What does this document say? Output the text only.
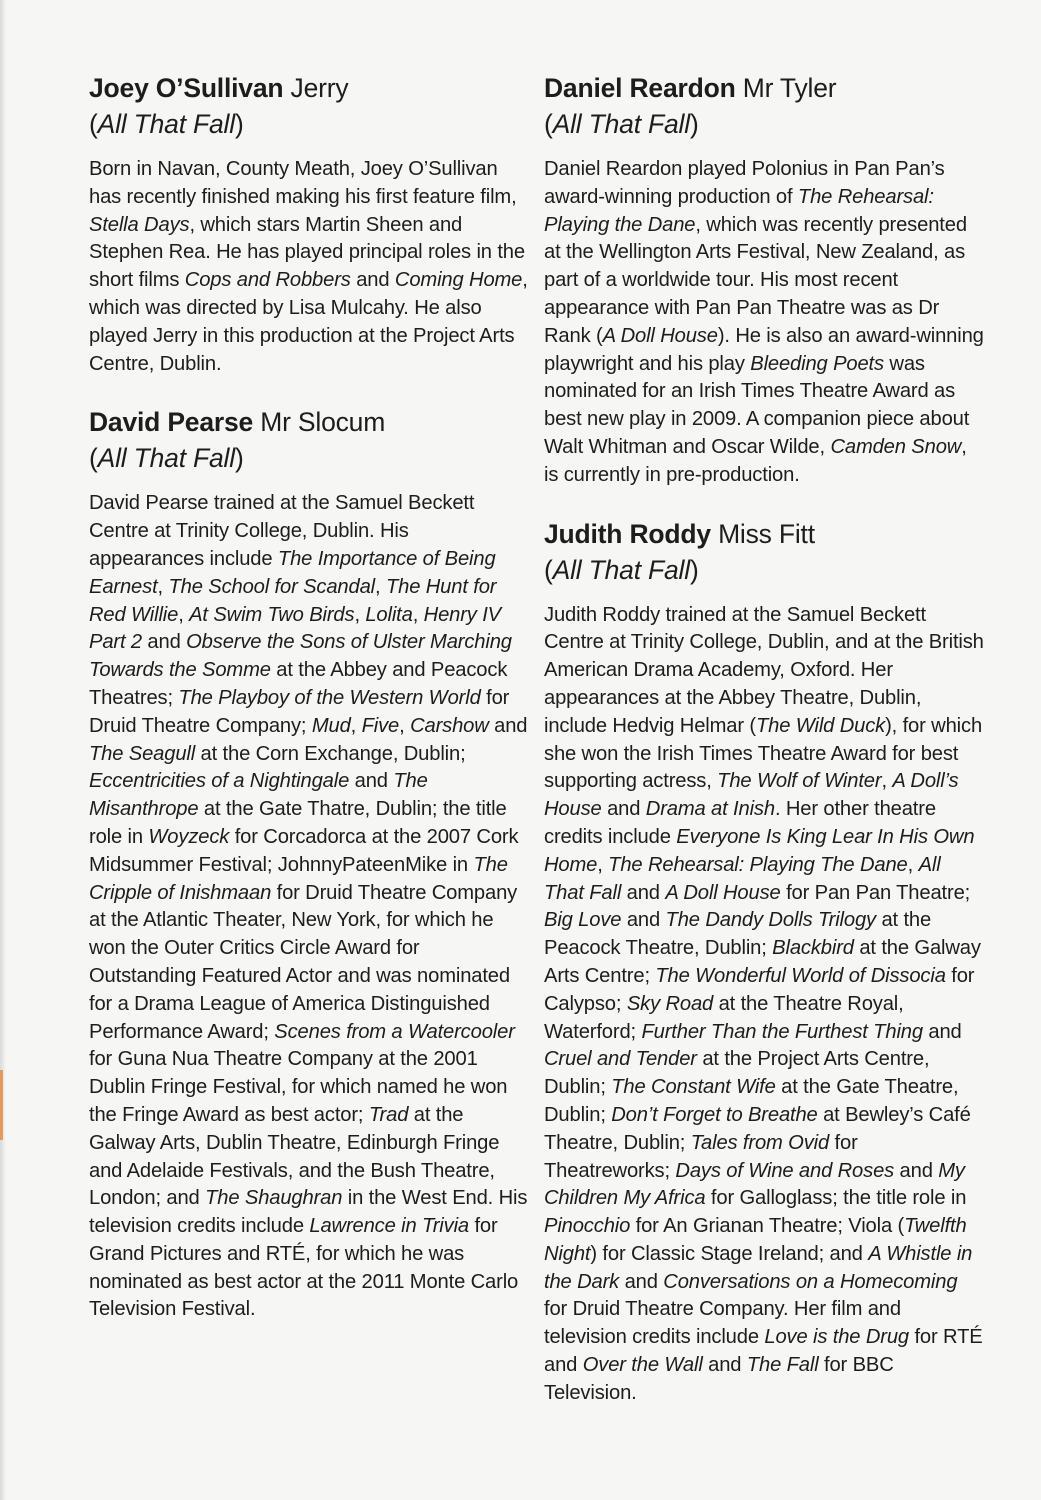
Joey O’Sullivan Jerry

(All That Fall)

Born in Navan, County Meath, Joey O’Sullivan has recently finished making his first feature film, Stella Days, which stars Martin Sheen and Stephen Rea. He has played principal roles in the short films Cops and Robbers and Coming Home, which was directed by Lisa Mulcahy. He also played Jerry in this production at the Project Arts Centre, Dublin.

David Pearse Mr Slocum

(All That Fall)

David Pearse trained at the Samuel Beckett Centre at Trinity College, Dublin. His appearances include The Importance of Being Earnest, The School for Scandal, The Hunt for Red Willie, At Swim Two Birds, Lolita, Henry IV Part 2 and Observe the Sons of Ulster Marching Towards the Somme at the Abbey and Peacock Theatres; The Playboy of the Western World for Druid Theatre Company; Mud, Five, Carshow and The Seagull at the Corn Exchange, Dublin; Eccentricities of a Nightingale and The Misanthrope at the Gate Thatre, Dublin; the title role in Woyzeck for Corcadorca at the 2007 Cork Midsummer Festival; JohnnyPateenMike in The Cripple of Inishmaan for Druid Theatre Company at the Atlantic Theater, New York, for which he won the Outer Critics Circle Award for Outstanding Featured Actor and was nominated for a Drama League of America Distinguished Performance Award; Scenes from a Watercooler for Guna Nua Theatre Company at the 2001 Dublin Fringe Festival, for which named he won the Fringe Award as best actor; Trad at the Galway Arts, Dublin Theatre, Edinburgh Fringe and Adelaide Festivals, and the Bush Theatre, London; and The Shaughran in the West End. His television credits include Lawrence in Trivia for Grand Pictures and RTÉ, for which he was nominated as best actor at the 2011 Monte Carlo Television Festival.

Daniel Reardon Mr Tyler

(All That Fall)

Daniel Reardon played Polonius in Pan Pan’s award-winning production of The Rehearsal: Playing the Dane, which was recently presented at the Wellington Arts Festival, New Zealand, as part of a worldwide tour. His most recent appearance with Pan Pan Theatre was as Dr Rank (A Doll House). He is also an award-winning playwright and his play Bleeding Poets was nominated for an Irish Times Theatre Award as best new play in 2009. A companion piece about Walt Whitman and Oscar Wilde, Camden Snow, is currently in pre-production.

Judith Roddy Miss Fitt

(All That Fall)

Judith Roddy trained at the Samuel Beckett Centre at Trinity College, Dublin, and at the British American Drama Academy, Oxford. Her appearances at the Abbey Theatre, Dublin, include Hedvig Helmar (The Wild Duck), for which she won the Irish Times Theatre Award for best supporting actress, The Wolf of Winter, A Doll’s House and Drama at Inish. Her other theatre credits include Everyone Is King Lear In His Own Home, The Rehearsal: Playing The Dane, All That Fall and A Doll House for Pan Pan Theatre; Big Love and The Dandy Dolls Trilogy at the Peacock Theatre, Dublin; Blackbird at the Galway Arts Centre; The Wonderful World of Dissocia for Calypso; Sky Road at the Theatre Royal, Waterford; Further Than the Furthest Thing and Cruel and Tender at the Project Arts Centre, Dublin; The Constant Wife at the Gate Theatre, Dublin; Don’t Forget to Breathe at Bewley’s Café Theatre, Dublin; Tales from Ovid for Theatreworks; Days of Wine and Roses and My Children My Africa for Galloglass; the title role in Pinocchio for An Grianan Theatre; Viola (Twelfth Night) for Classic Stage Ireland; and A Whistle in the Dark and Conversations on a Homecoming for Druid Theatre Company. Her film and television credits include Love is the Drug for RTÉ and Over the Wall and The Fall for BBC Television.
